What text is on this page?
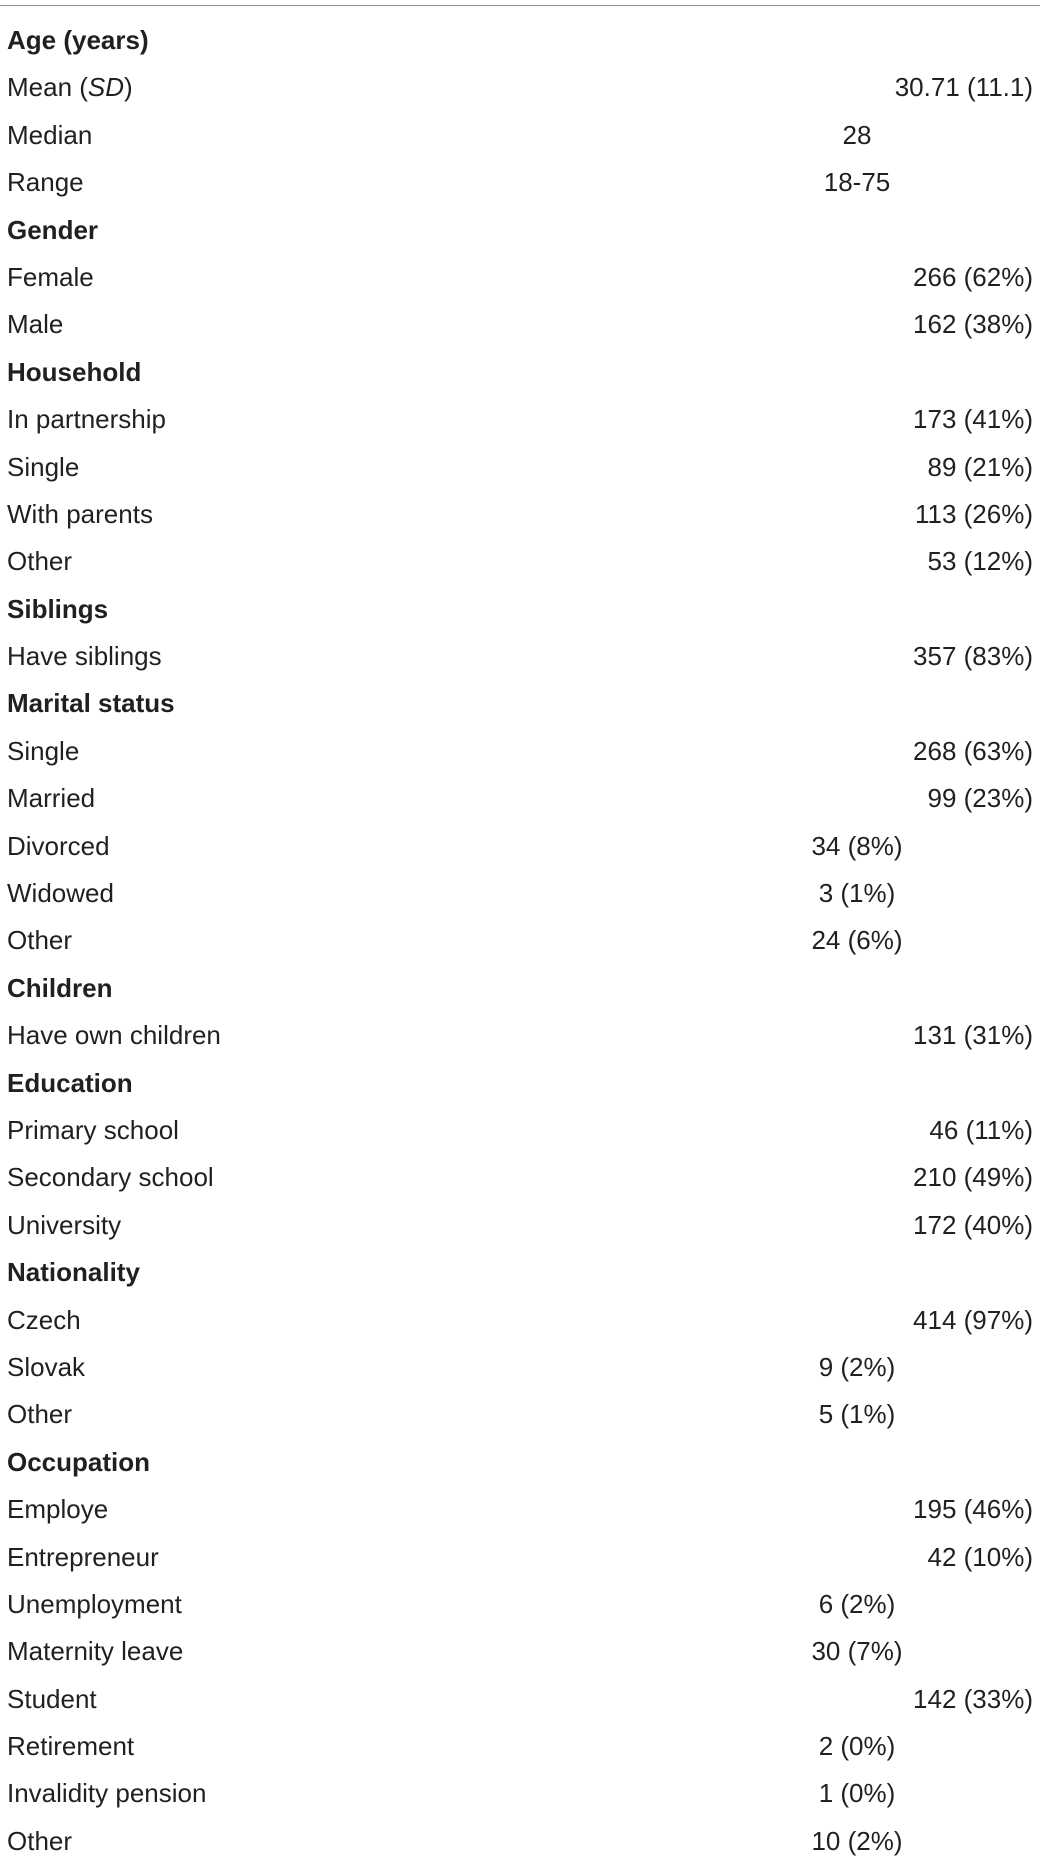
Age (years)
Mean (SD)	30.71 (11.1)
Median	28
Range	18-75
Gender
Female	266 (62%)
Male	162 (38%)
Household
In partnership	173 (41%)
Single	89 (21%)
With parents	113 (26%)
Other	53 (12%)
Siblings
Have siblings	357 (83%)
Marital status
Single	268 (63%)
Married	99 (23%)
Divorced	34 (8%)
Widowed	3 (1%)
Other	24 (6%)
Children
Have own children	131 (31%)
Education
Primary school	46 (11%)
Secondary school	210 (49%)
University	172 (40%)
Nationality
Czech	414 (97%)
Slovak	9 (2%)
Other	5 (1%)
Occupation
Employe	195 (46%)
Entrepreneur	42 (10%)
Unemployment	6 (2%)
Maternity leave	30 (7%)
Student	142 (33%)
Retirement	2 (0%)
Invalidity pension	1 (0%)
Other	10 (2%)
